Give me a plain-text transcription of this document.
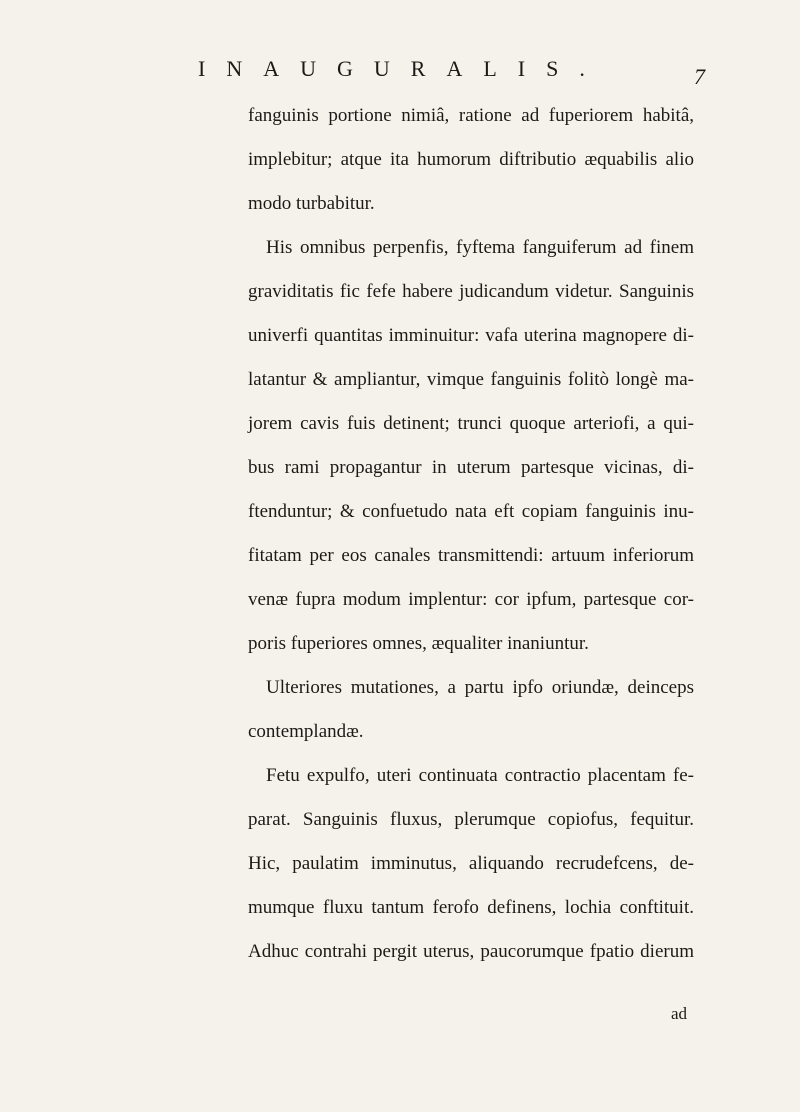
INAUGURALIS.	7
fanguinis portione nimiâ, ratione ad fuperiorem habitâ,
implebitur; atque ita humorum diftributio æquabilis alio
modo turbabitur.
His omnibus perpenfis, fyftema fanguiferum ad finem
graviditatis fic fefe habere judicandum videtur. Sanguinis
univerfi quantitas imminuitur: vafa uterina magnopere di-
latantur & ampliantur, vimque fanguinis folitò longè ma-
jorem cavis fuis detinent; trunci quoque arteriofi, a qui-
bus rami propagantur in uterum partesque vicinas, di-
ftenduntur; & confuetudo nata eft copiam fanguinis inu-
fitatam per eos canales transmittendi: artuum inferiorum
venæ fupra modum implentur: cor ipfum, partesque cor-
poris fuperiores omnes, æqualiter inaniuntur.
Ulteriores mutationes, a partu ipfo oriundæ, deinceps
contemplandæ.
Fetu expulfo, uteri continuata contractio placentam fe-
parat. Sanguinis fluxus, plerumque copiofus, fequitur.
Hic, paulatim imminutus, aliquando recrudefcens, de-
mumque fluxu tantum ferofo definens, lochia conftituit.
Adhuc contrahi pergit uterus, paucorumque fpatio dierum
ad
